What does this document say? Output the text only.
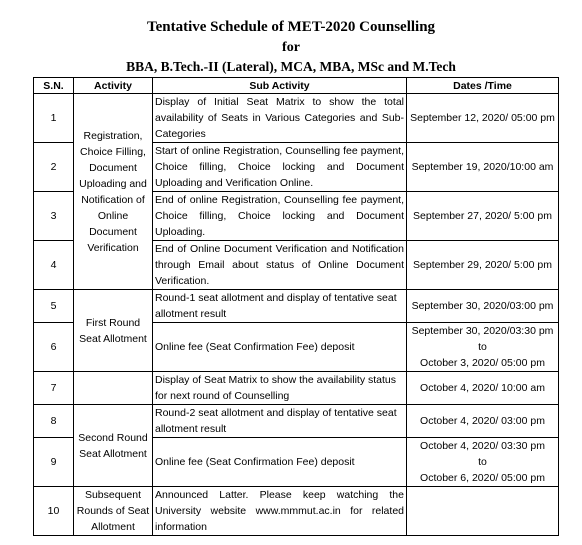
Tentative Schedule of MET-2020 Counselling
for
BBA, B.Tech.-II (Lateral), MCA, MBA, MSc and M.Tech
S.N.	Activity	Sub Activity	Dates /Time
1	Registration, Choice Filling, Document Uploading and Notification of Online Document Verification	Display of Initial Seat Matrix to show the total availability of Seats in Various Categories and Sub-Categories	September 12, 2020/ 05:00 pm
2		Start of online Registration, Counselling fee payment, Choice filling, Choice locking and Document Uploading and Verification Online.	September 19, 2020/10:00 am
3		End of online Registration, Counselling fee payment, Choice filling, Choice locking and Document Uploading.	September 27, 2020/ 5:00 pm
4		End of Online Document Verification and Notification through Email about status of Online Document Verification.	September 29, 2020/ 5:00 pm
5	First Round Seat Allotment	Round-1 seat allotment and display of tentative seat allotment result	September 30, 2020/03:00 pm
6		Online fee (Seat Confirmation Fee) deposit	September 30, 2020/03:30 pm
to
October 3, 2020/ 05:00 pm

7		Display of Seat Matrix to show the availability status for next round of Counselling	October 4, 2020/ 10:00 am
8	Second Round Seat Allotment	Round-2 seat allotment and display of tentative seat allotment result	October 4, 2020/ 03:00 pm
9		Online fee (Seat Confirmation Fee) deposit	October 4, 2020/ 03:30 pm
to
October 6, 2020/ 05:00 pm

10	Subsequent Rounds of Seat Allotment	Announced Latter. Please keep watching the University website www.mmmut.ac.in for related information	
